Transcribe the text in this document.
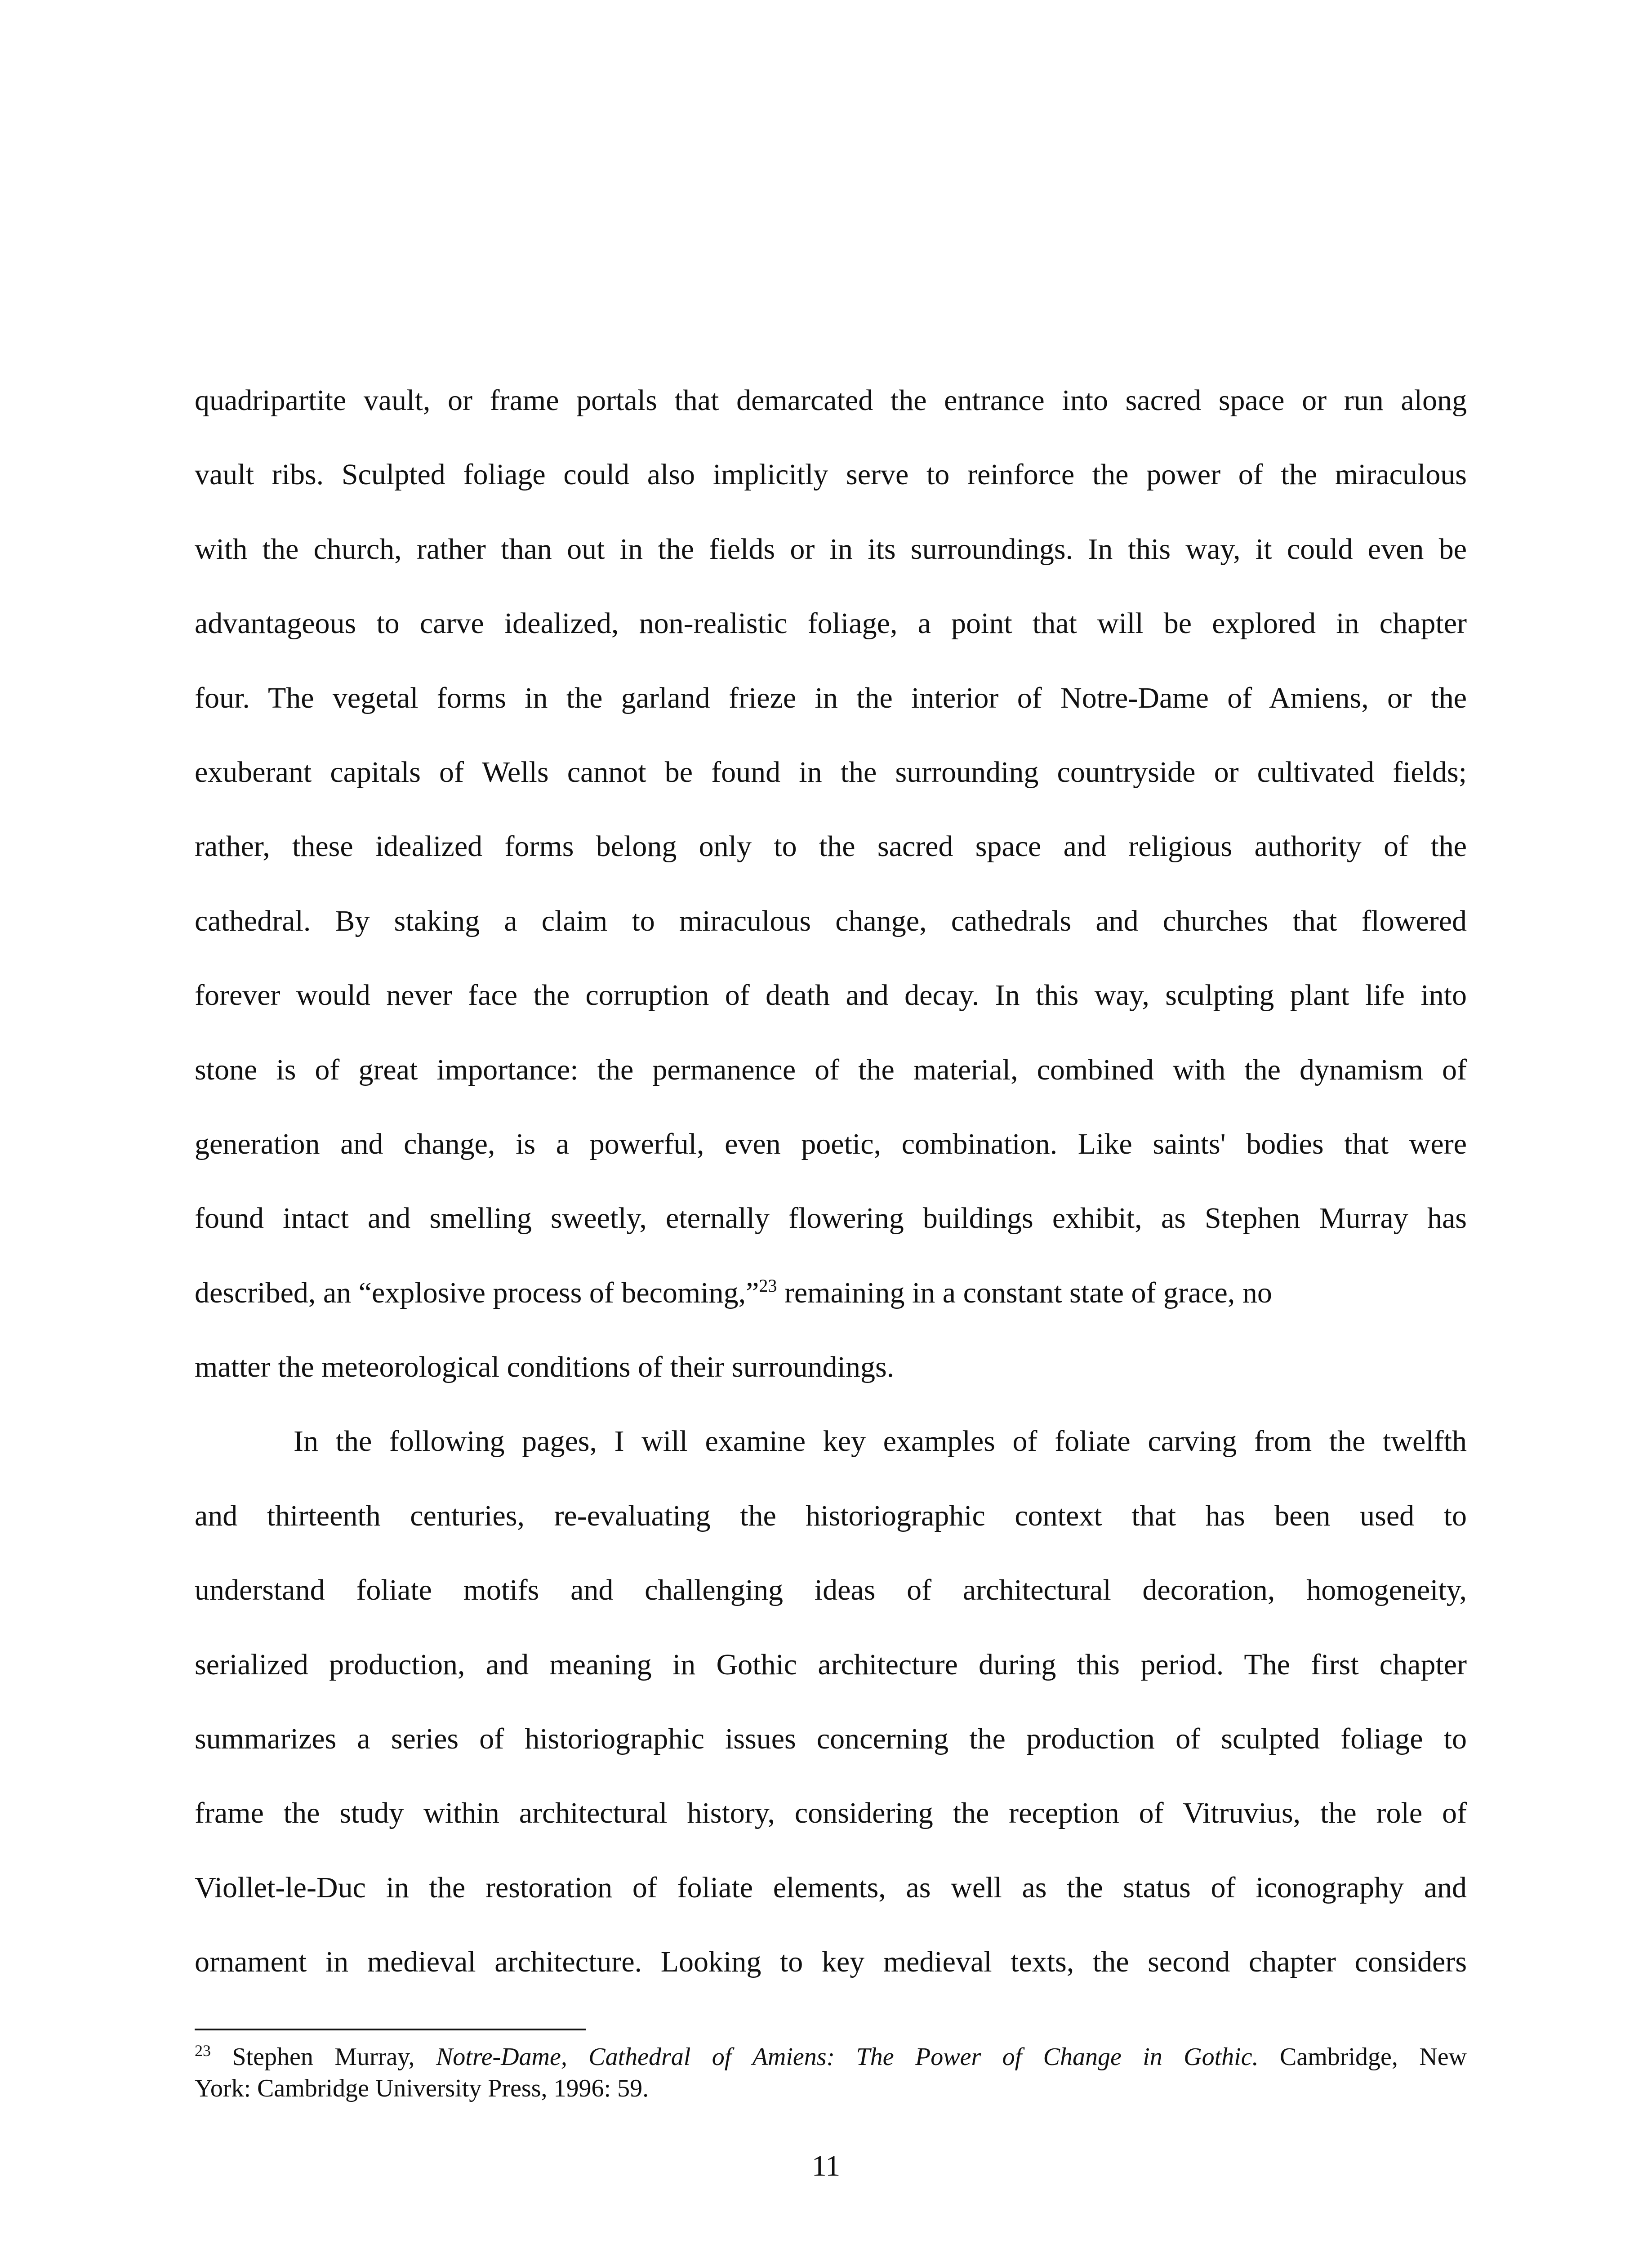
quadripartite vault, or frame portals that demarcated the entrance into sacred space or run along
vault ribs. Sculpted foliage could also implicitly serve to reinforce the power of the miraculous
with the church, rather than out in the fields or in its surroundings. In this way, it could even be
advantageous to carve idealized, non-realistic foliage, a point that will be explored in chapter
four. The vegetal forms in the garland frieze in the interior of Notre-Dame of Amiens, or the
exuberant capitals of Wells cannot be found in the surrounding countryside or cultivated fields;
rather, these idealized forms belong only to the sacred space and religious authority of the
cathedral. By staking a claim to miraculous change, cathedrals and churches that flowered
forever would never face the corruption of death and decay. In this way, sculpting plant life into
stone is of great importance: the permanence of the material, combined with the dynamism of
generation and change, is a powerful, even poetic, combination. Like saints' bodies that were
found intact and smelling sweetly, eternally flowering buildings exhibit, as Stephen Murray has
described, an “explosive process of becoming,”$^{23}$ remaining in a constant state of grace, no
matter the meteorological conditions of their surroundings.
In the following pages, I will examine key examples of foliate carving from the twelfth
and thirteenth centuries, re-evaluating the historiographic context that has been used to
understand foliate motifs and challenging ideas of architectural decoration, homogeneity,
serialized production, and meaning in Gothic architecture during this period. The first chapter
summarizes a series of historiographic issues concerning the production of sculpted foliage to
frame the study within architectural history, considering the reception of Vitruvius, the role of
Viollet-le-Duc in the restoration of foliate elements, as well as the status of iconography and
ornament in medieval architecture. Looking to key medieval texts, the second chapter considers
$^{23}$ Stephen Murray, Notre-Dame, Cathedral of Amiens: The Power of Change in Gothic. Cambridge, New
York: Cambridge University Press, 1996: 59.
11
